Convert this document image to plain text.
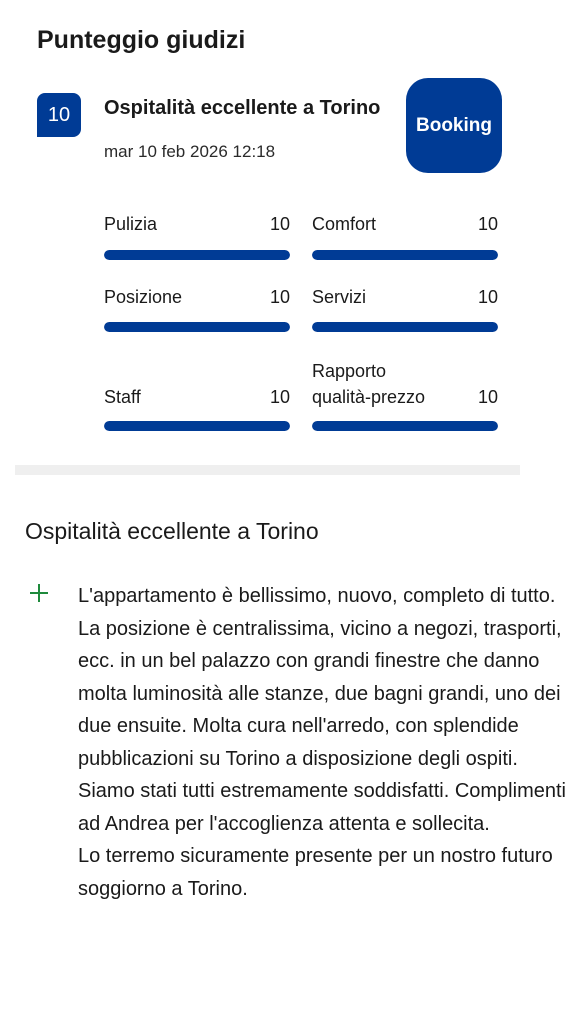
Punteggio giudizi
10	Ospitalità eccellente a Torino
mar 10 feb 2026 12:18
Booking
Pulizia	10 Comfort	10
Posizione	10 Servizi	10
Staff	10
Rapporto
qualità-prezzo	10
Ospitalità eccellente a Torino
L'appartamento è bellissimo, nuovo, completo di tutto. La posizione è centralissima, vicino a negozi, trasporti, ecc. in un bel palazzo con grandi finestre che danno molta luminosità alle stanze, due bagni grandi, uno dei due ensuite. Molta cura nell'arredo, con splendide pubblicazioni su Torino a disposizione degli ospiti.
Siamo stati tutti estremamente soddisfatti. Complimenti ad Andrea per l'accoglienza attenta e sollecita.
Lo terremo sicuramente presente per un nostro futuro soggiorno a Torino.
